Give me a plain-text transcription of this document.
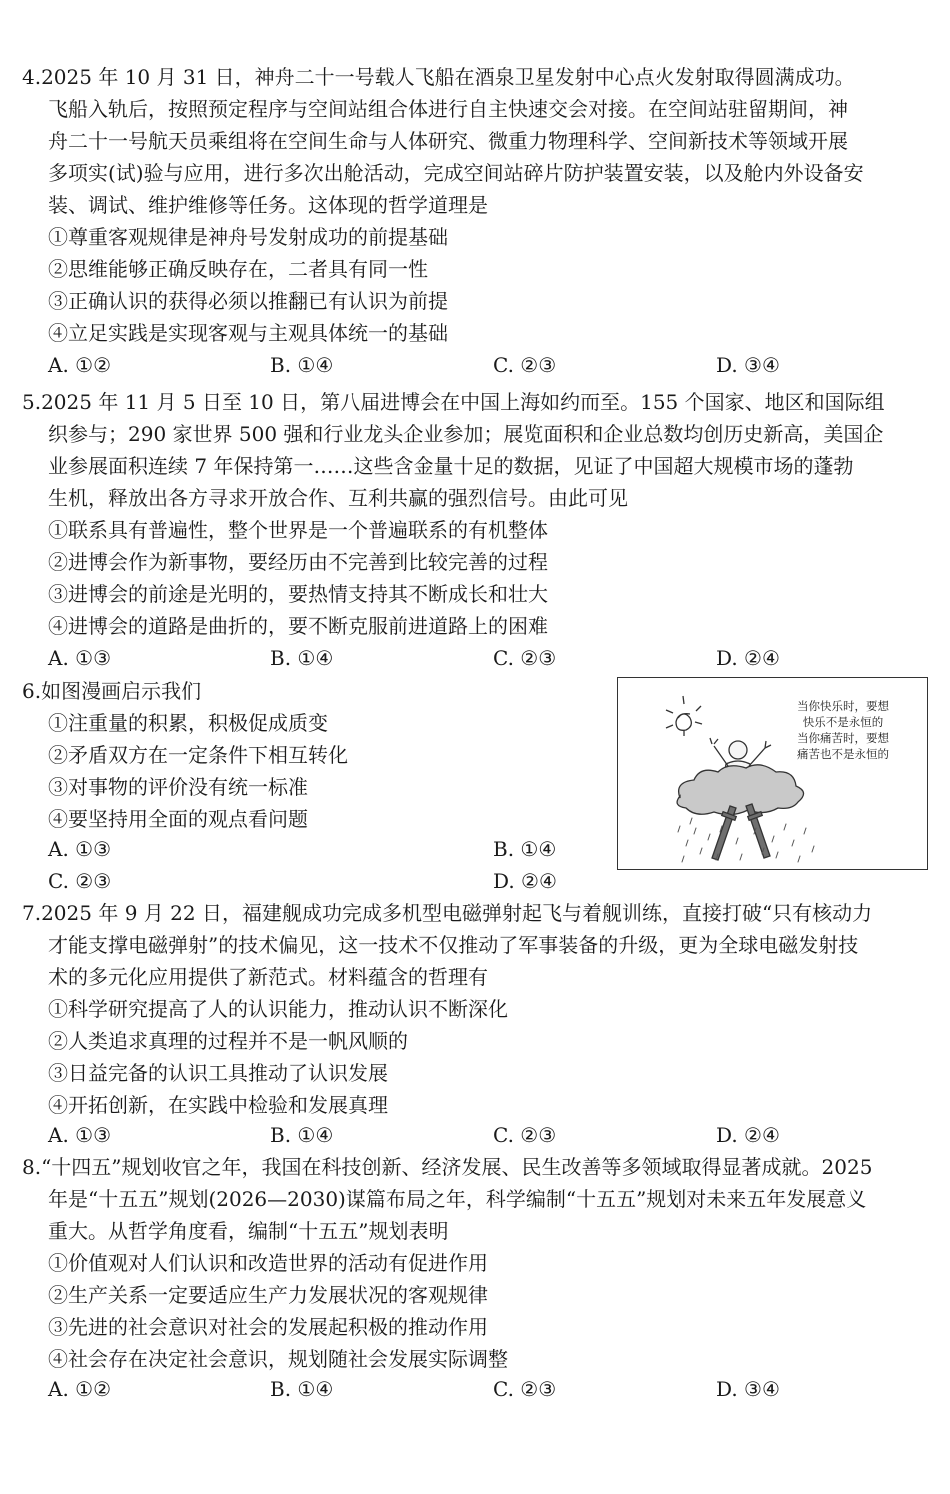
4.2025 年 10 月 31 日，神舟二十一号载人飞船在酒泉卫星发射中心点火发射取得圆满成功。
飞船入轨后，按照预定程序与空间站组合体进行自主快速交会对接。在空间站驻留期间，神
舟二十一号航天员乘组将在空间生命与人体研究、微重力物理科学、空间新技术等领域开展
多项实(试)验与应用，进行多次出舱活动，完成空间站碎片防护装置安装，以及舱内外设备安
装、调试、维护维修等任务。这体现的哲学道理是
①尊重客观规律是神舟号发射成功的前提基础
②思维能够正确反映存在，二者具有同一性
③正确认识的获得必须以推翻已有认识为前提
④立足实践是实现客观与主观具体统一的基础
A. ①②	B. ①④	C. ②③	D. ③④
5.2025 年 11 月 5 日至 10 日，第八届进博会在中国上海如约而至。155 个国家、地区和国际组
织参与；290 家世界 500 强和行业龙头企业参加；展览面积和企业总数均创历史新高，美国企
业参展面积连续 7 年保持第一……这些含金量十足的数据，见证了中国超大规模市场的蓬勃
生机，释放出各方寻求开放合作、互利共赢的强烈信号。由此可见
①联系具有普遍性，整个世界是一个普遍联系的有机整体
②进博会作为新事物，要经历由不完善到比较完善的过程
③进博会的前途是光明的，要热情支持其不断成长和壮大
④进博会的道路是曲折的，要不断克服前进道路上的困难
A. ①③	B. ①④	C. ②③	D. ②④
6.如图漫画启示我们
①注重量的积累，积极促成质变
②矛盾双方在一定条件下相互转化
③对事物的评价没有统一标准
④要坚持用全面的观点看问题
A. ①③	B. ①④
C. ②③	D. ②④
当你快乐时，要想
快乐不是永恒的
当你痛苦时，要想
痛苦也不是永恒的
7.2025 年 9 月 22 日，福建舰成功完成多机型电磁弹射起飞与着舰训练，直接打破“只有核动力
才能支撑电磁弹射”的技术偏见，这一技术不仅推动了军事装备的升级，更为全球电磁发射技
术的多元化应用提供了新范式。材料蕴含的哲理有
①科学研究提高了人的认识能力，推动认识不断深化
②人类追求真理的过程并不是一帆风顺的
③日益完备的认识工具推动了认识发展
④开拓创新，在实践中检验和发展真理
A. ①③	B. ①④	C. ②③	D. ②④
8.“十四五”规划收官之年，我国在科技创新、经济发展、民生改善等多领域取得显著成就。2025
年是“十五五”规划(2026—2030)谋篇布局之年，科学编制“十五五”规划对未来五年发展意义
重大。从哲学角度看，编制“十五五”规划表明
①价值观对人们认识和改造世界的活动有促进作用
②生产关系一定要适应生产力发展状况的客观规律
③先进的社会意识对社会的发展起积极的推动作用
④社会存在决定社会意识，规划随社会发展实际调整
A. ①②	B. ①④	C. ②③	D. ③④
